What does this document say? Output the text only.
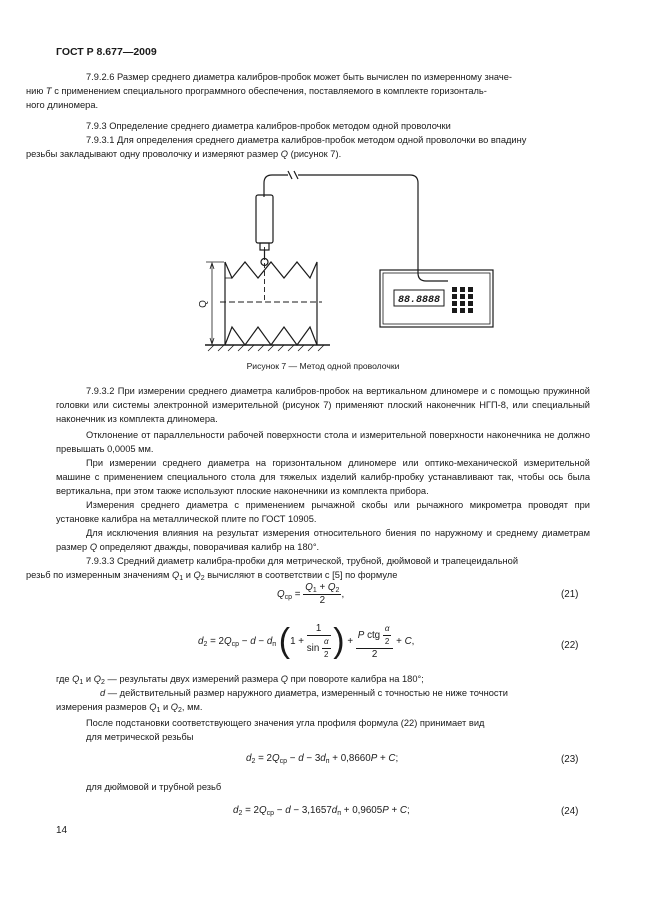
ГОСТ Р 8.677—2009
7.9.2.6 Размер среднего диаметра калибров-пробок может быть вычислен по измеренному значе-
нию T с применением специального программного обеспечения, поставляемого в комплекте горизонталь-
ного длиномера.
7.9.3 Определение среднего диаметра калибров-пробок методом одной проволочки
7.9.3.1 Для определения среднего диаметра калибров-пробок методом одной проволочки во впадину
резьбы закладывают одну проволочку и измеряют размер Q (рисунок 7).
88.8888
Q
Рисунок 7 — Метод одной проволочки
7.9.3.2 При измерении среднего диаметра калибров-пробок на вертикальном длиномере и с помощью пружинной головки или системы электронной измерительной (рисунок 7) применяют плоский наконечник НГП-8, или специальный наконечник из комплекта длиномера.
Отклонение от параллельности рабочей поверхности стола и измерительной поверхности наконечника не должно превышать 0,0005 мм.
При измерении среднего диаметра на горизонтальном длиномере или оптико-механической измерительной машине с применением специального стола для тяжелых изделий калибр-пробку устанавливают так, чтобы ось была вертикальна, при этом также используют плоские наконечники из комплекта прибора.
Измерения среднего диаметра с применением рычажной скобы или рычажного микрометра проводят при установке калибра на металлической плите по ГОСТ 10905.
Для исключения влияния на результат измерения относительного биения по наружному и среднему диаметрам размер Q определяют дважды, поворачивая калибр на 180°.
7.9.3.3 Средний диаметр калибра-пробки для метрической, трубной, дюймовой и трапецеидальной
резьб по измеренным значениям $Q_1$ и $Q_2$ вычисляют в соответствии с [5] по формуле
$Q_{ср} = \frac{Q_1 + Q_2}{2}$ ,	(21)
$d_2 = 2Q_{ср} - d - d_п$ ($1 + \frac{1}{\sin \frac{\alpha}{2}}$ ) + $\frac{P ctg \frac{\alpha}{2}}{2} + C$,	(22)
где $Q_1$ и $Q_2$ — результаты двух измерений размера Q при повороте калибра на 180°;
d — действительный размер наружного диаметра, измеренный с точностью не ниже точности
измерения размеров $Q_1$ и $Q_2$, мм.
После подстановки соответствующего значения угла профиля формула (22) принимает вид
для метрической резьбы
$d_2 = 2Q_{ср} - d - 3d_п + 0,8660P + C$;	(23)
для дюймовой и трубной резьб
$d_2 = 2Q_{ср} - d - 3,1657d_п + 0,9605P + C$;	(24)
14
